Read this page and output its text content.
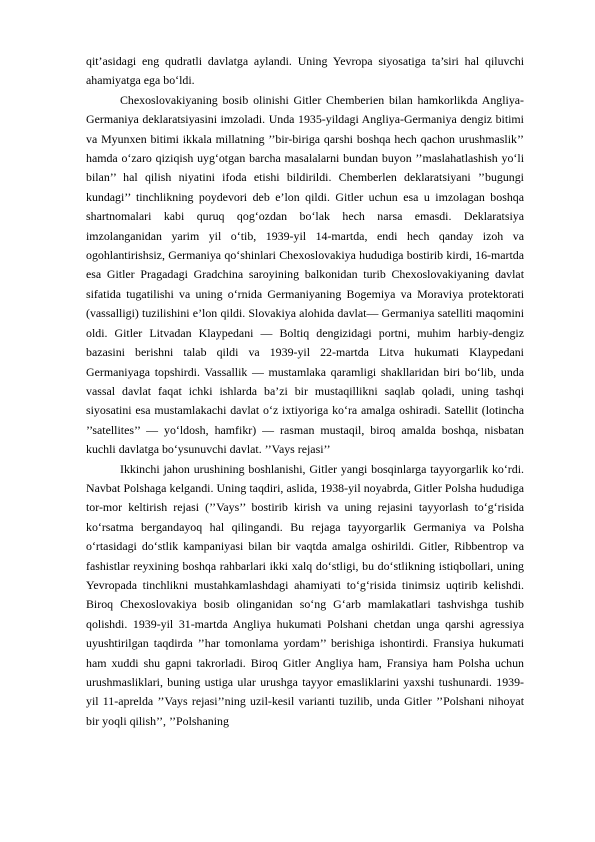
qit’asidagi eng qudratli davlatga aylandi. Uning Yevropa siyosatiga ta’siri hal qiluvchi ahamiyatga ega bo‘ldi.

Chexoslovakiyaning bosib olinishi Gitler Chemberien bilan hamkorlikda Angliya-Germaniya deklaratsiyasini imzoladi. Unda 1935-yildagi Angliya-Germaniya dengiz bitimi va Myunxen bitimi ikkala millatning ’’bir-biriga qarshi boshqa hech qachon urushmaslik’’ hamda o‘zaro qiziqish uyg‘otgan barcha masalalarni bundan buyon ’’maslahatlashish yo‘li bilan’’ hal qilish niyatini ifoda etishi bildirildi. Chemberlen deklaratsiyani ’’bugungi kundagi’’ tinchlikning poydevori deb e’lon qildi. Gitler uchun esa u imzolagan boshqa shartnomalari kabi quruq qog‘ozdan bo‘lak hech narsa emasdi. Deklaratsiya imzolanganidan yarim yil o‘tib, 1939-yil 14-martda, endi hech qanday izoh va ogohlantirishsiz, Germaniya qo‘shinlari Chexoslovakiya hududiga bostirib kirdi, 16-martda esa Gitler Pragadagi Gradchina saroyining balkonidan turib Chexoslovakiyaning davlat sifatida tugatilishi va uning o‘rnida Germaniyaning Bogemiya va Moraviya protektorati (vassalligi) tuzilishini e’lon qildi. Slovakiya alohida davlat— Germaniya satelliti maqomini oldi. Gitler Litvadan Klaypedani — Boltiq dengizidagi portni, muhim harbiy-dengiz bazasini berishni talab qildi va 1939-yil 22-martda Litva hukumati Klaypedani Germaniyaga topshirdi. Vassallik — mustamlaka qaramligi shakllaridan biri bo‘lib, unda vassal davlat faqat ichki ishlarda ba’zi bir mustaqillikni saqlab qoladi, uning tashqi siyosatini esa mustamlakachi davlat o‘z ixtiyoriga ko‘ra amalga oshiradi. Satellit (lotincha ’’satellites’’ — yo‘ldosh, hamfikr) — rasman mustaqil, biroq amalda boshqa, nisbatan kuchli davlatga bo‘ysunuvchi davlat. ’’Vays rejasi’’

Ikkinchi jahon urushining boshlanishi, Gitler yangi bosqinlarga tayyorgarlik ko‘rdi. Navbat Polshaga kelgandi. Uning taqdiri, aslida, 1938-yil noyabrda, Gitler Polsha hududiga tor-mor keltirish rejasi (’’Vays’’ bostirib kirish va uning rejasini tayyorlash to‘g‘risida ko‘rsatma bergandayoq hal qilingandi. Bu rejaga tayyorgarlik Germaniya va Polsha o‘rtasidagi do‘stlik kampaniyasi bilan bir vaqtda amalga oshirildi. Gitler, Ribbentrop va fashistlar reyxining boshqa rahbarlari ikki xalq do‘stligi, bu do‘stlikning istiqbollari, uning Yevropada tinchlikni mustahkamlashdagi ahamiyati to‘g‘risida tinimsiz uqtirib kelishdi. Biroq Chexoslovakiya bosib olinganidan so‘ng G‘arb mamlakatlari tashvishga tushib qolishdi. 1939-yil 31-martda Angliya hukumati Polshani chetdan unga qarshi agressiya uyushtirilgan taqdirda ’’har tomonlama yordam’’ berishiga ishontirdi. Fransiya hukumati ham xuddi shu gapni takrorladi. Biroq Gitler Angliya ham, Fransiya ham Polsha uchun urushmasliklari, buning ustiga ular urushga tayyor emasliklarini yaxshi tushunardi. 1939-yil 11-aprelda ’’Vays rejasi’’ning uzil-kesil varianti tuzilib, unda Gitler ’’Polshani nihoyat bir yoqli qilish’’, ’’Polshaning
